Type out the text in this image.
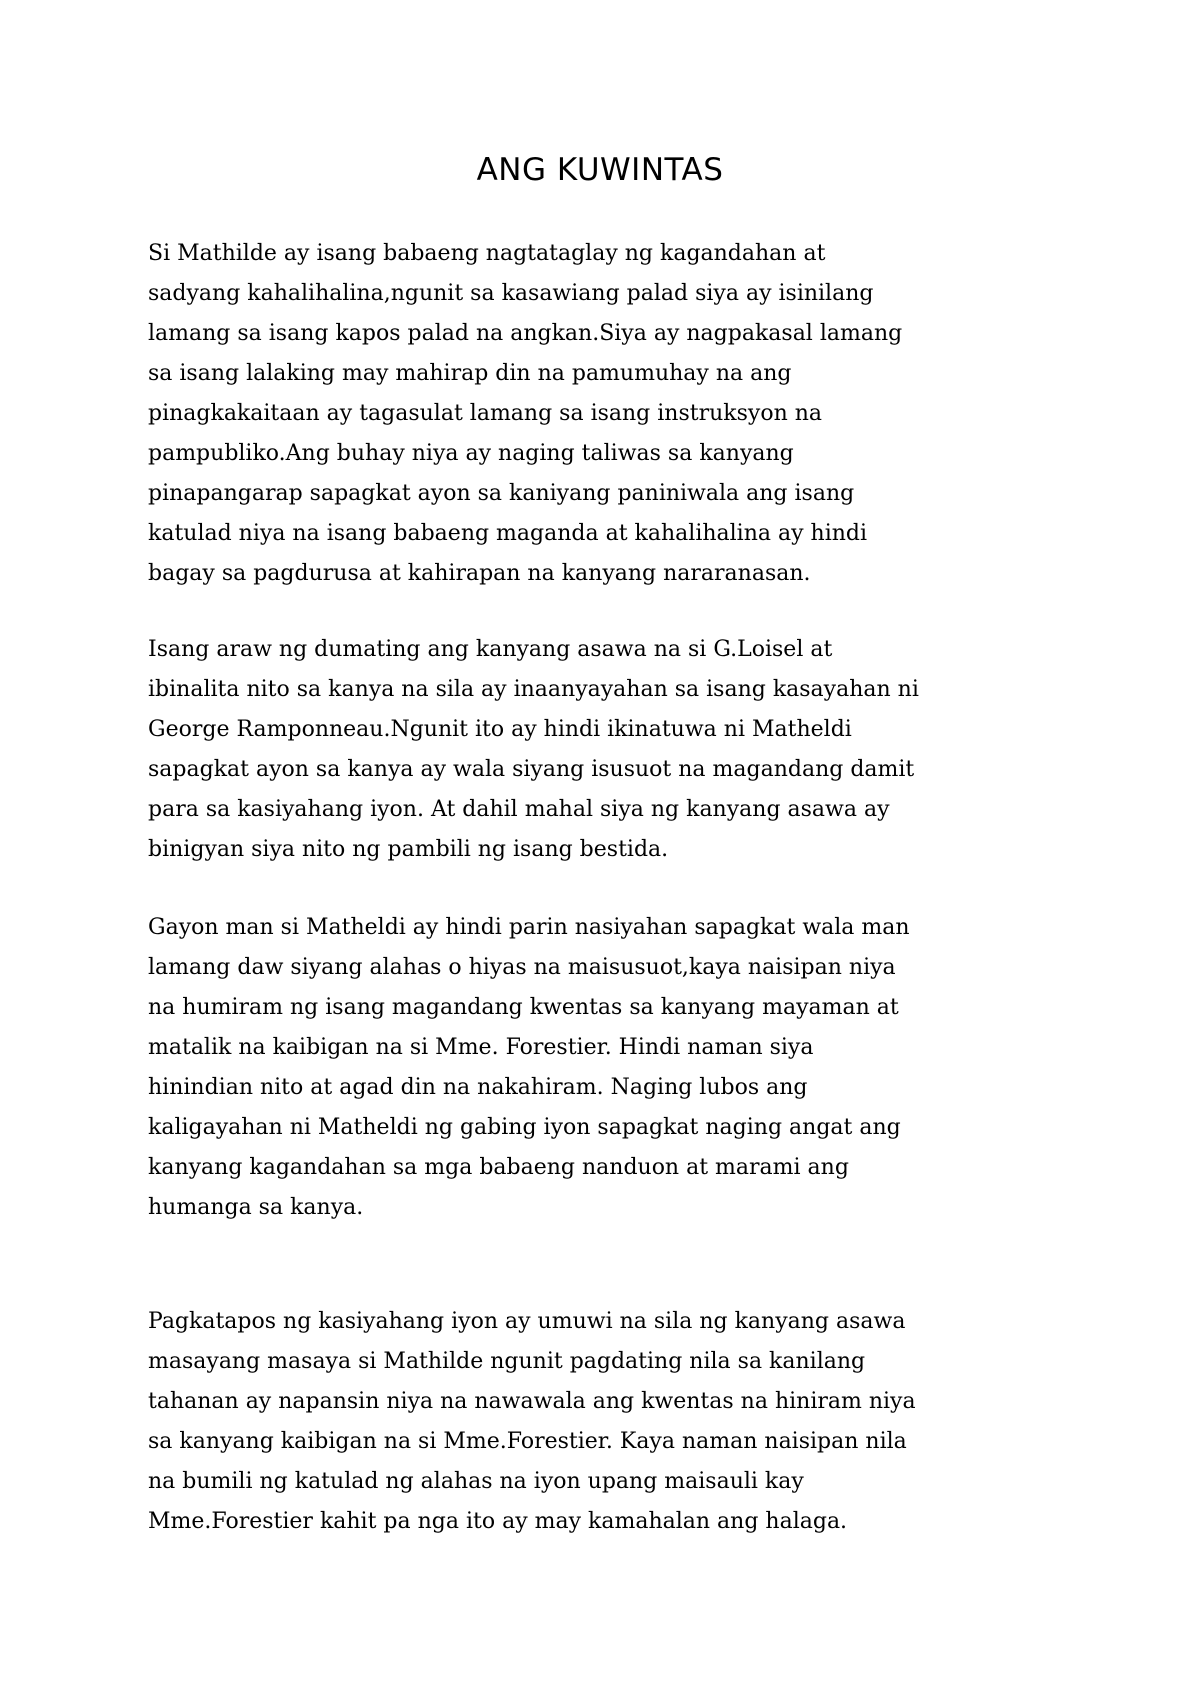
ANG KUWINTAS
Si Mathilde ay isang babaeng nagtataglay ng kagandahan at
sadyang kahalihalina,ngunit sa kasawiang palad siya ay isinilang
lamang sa isang kapos palad na angkan.Siya ay nagpakasal lamang
sa isang lalaking may mahirap din na pamumuhay na ang
pinagkakaitaan ay tagasulat lamang sa isang instruksyon na
pampubliko.Ang buhay niya ay naging taliwas sa kanyang
pinapangarap sapagkat ayon sa kaniyang paniniwala ang isang
katulad niya na isang babaeng maganda at kahalihalina ay hindi
bagay sa pagdurusa at kahirapan na kanyang nararanasan.
Isang araw ng dumating ang kanyang asawa na si G.Loisel at
ibinalita nito sa kanya na sila ay inaanyayahan sa isang kasayahan ni
George Ramponneau.Ngunit ito ay hindi ikinatuwa ni Matheldi
sapagkat ayon sa kanya ay wala siyang isusuot na magandang damit
para sa kasiyahang iyon. At dahil mahal siya ng kanyang asawa ay
binigyan siya nito ng pambili ng isang bestida.
Gayon man si Matheldi ay hindi parin nasiyahan sapagkat wala man
lamang daw siyang alahas o hiyas na maisusuot,kaya naisipan niya
na humiram ng isang magandang kwentas sa kanyang mayaman at
matalik na kaibigan na si Mme. Forestier. Hindi naman siya
hinindian nito at agad din na nakahiram. Naging lubos ang
kaligayahan ni Matheldi ng gabing iyon sapagkat naging angat ang
kanyang kagandahan sa mga babaeng nanduon at marami ang
humanga sa kanya.
Pagkatapos ng kasiyahang iyon ay umuwi na sila ng kanyang asawa
masayang masaya si Mathilde ngunit pagdating nila sa kanilang
tahanan ay napansin niya na nawawala ang kwentas na hiniram niya
sa kanyang kaibigan na si Mme.Forestier. Kaya naman naisipan nila
na bumili ng katulad ng alahas na iyon upang maisauli kay
Mme.Forestier kahit pa nga ito ay may kamahalan ang halaga.
